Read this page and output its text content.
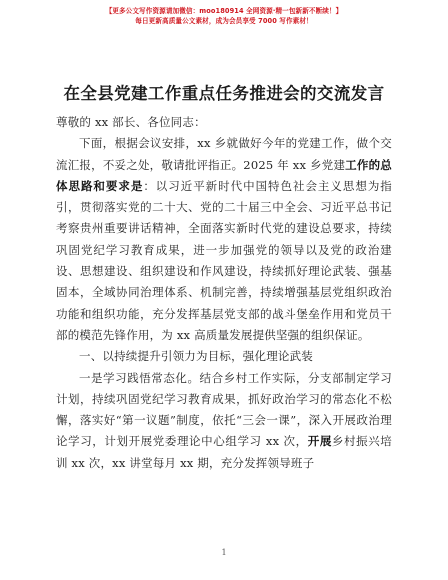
【更多公文写作资源请加微信：moo180914 全网资源·精一包新新不断续！】
每日更新高质量公文素材，成为会员享受 7000 写作素材！
在全县党建工作重点任务推进会的交流发言

尊敬的 xx 部长、各位同志：

下面，根据会议安排，xx 乡就做好今年的党建工作，做个交流汇报，不妥之处，敬请批评指正。2025 年 xx 乡党建工作的总体思路和要求是：以习近平新时代中国特色社会主义思想为指引，贯彻落实党的二十大、党的二十届三中全会、习近平总书记考察贵州重要讲话精神，全面落实新时代党的建设总要求，持续巩固党纪学习教育成果，进一步加强党的领导以及党的政治建设、思想建设、组织建设和作风建设，持续抓好理论武装、强基固本，全域协同治理体系、机制完善，持续增强基层党组织政治功能和组织功能，充分发挥基层党支部的战斗堡垒作用和党员干部的模范先锋作用，为 xx 高质量发展提供坚强的组织保证。

一、以持续提升引领力为目标，强化理论武装

一是学习践悟常态化。结合乡村工作实际，分支部制定学习计划，持续巩固党纪学习教育成果，抓好政治学习的常态化不松懈，落实好“第一议题”制度，依托“三会一课”，深入开展政治理论学习，计划开展党委理论中心组学习 xx 次，开展乡村振兴培训 xx 次，xx 讲堂每月 xx 期，充分发挥领导班子

1
